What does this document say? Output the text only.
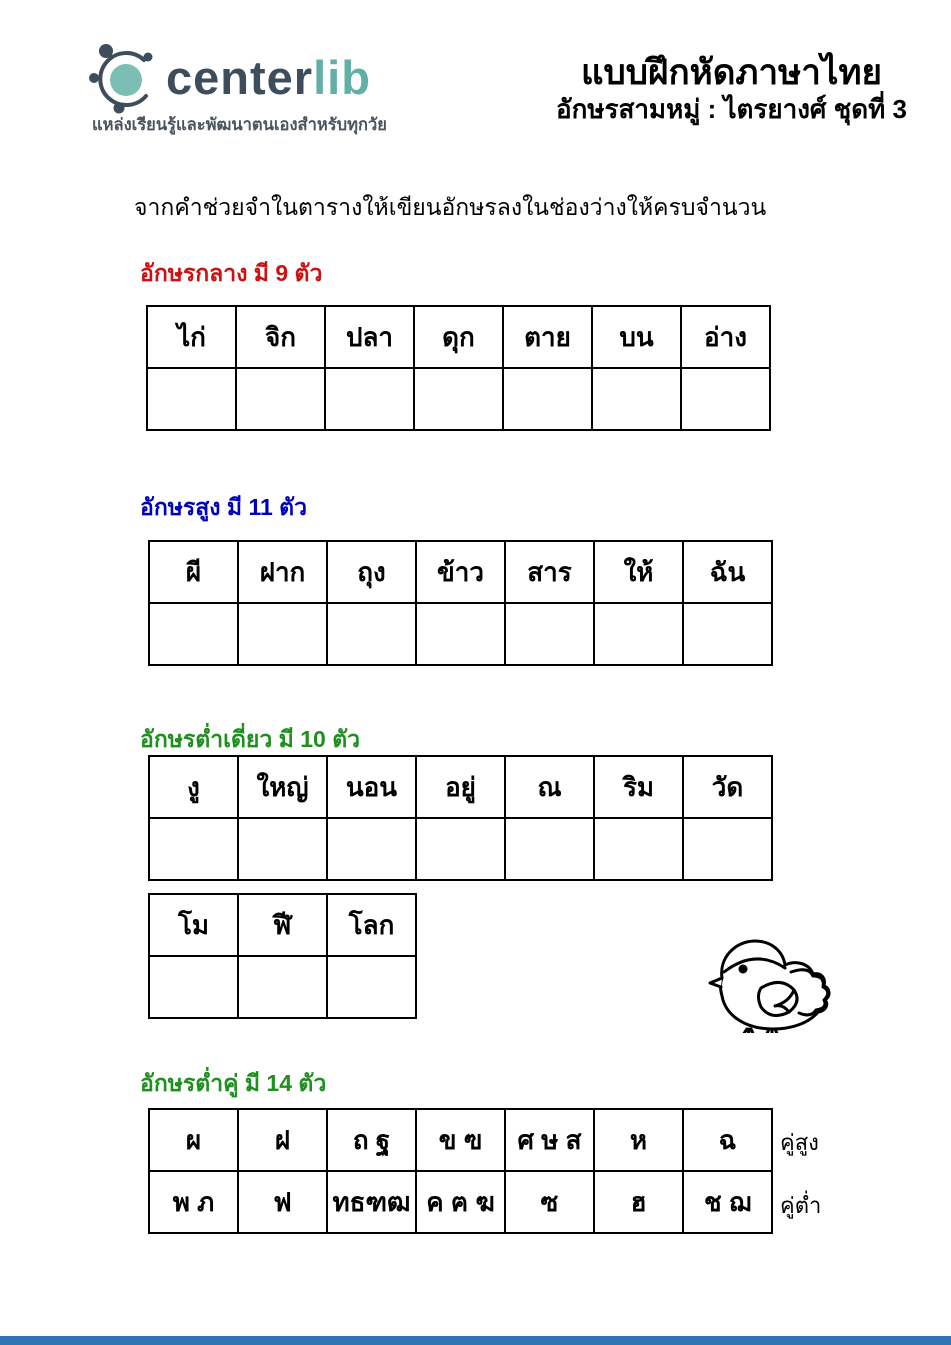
centerlib
แหล่งเรียนรู้และพัฒนาตนเองสำหรับทุกวัย
แบบฝึกหัดภาษาไทย
อักษรสามหมู่ : ไตรยางศ์ ชุดที่ 3
จากคำช่วยจำในตารางให้เขียนอักษรลงในช่องว่างให้ครบจำนวน
อักษรกลาง มี 9 ตัว
ไก่	จิก	ปลา	ดุก	ตาย	บน	อ่าง

อักษรสูง มี 11 ตัว
ผี	ฝาก	ถุง	ข้าว	สาร	ให้	ฉัน

อักษรต่ำเดี่ยว มี 10 ตัว
งู	ใหญ่	นอน	อยู่	ณ	ริม	วัด

โม	ฬี	โลก

อักษรต่ำคู่ มี 14 ตัว
ผ	ฝ	ถ ฐ	ข ฃ	ศ ษ ส	ห	ฉ
พ ภ	ฟ	ทธฑฒ	ค ฅ ฆ	ซ	ฮ	ช ฌ
คู่สูง
คู่ต่ำ
